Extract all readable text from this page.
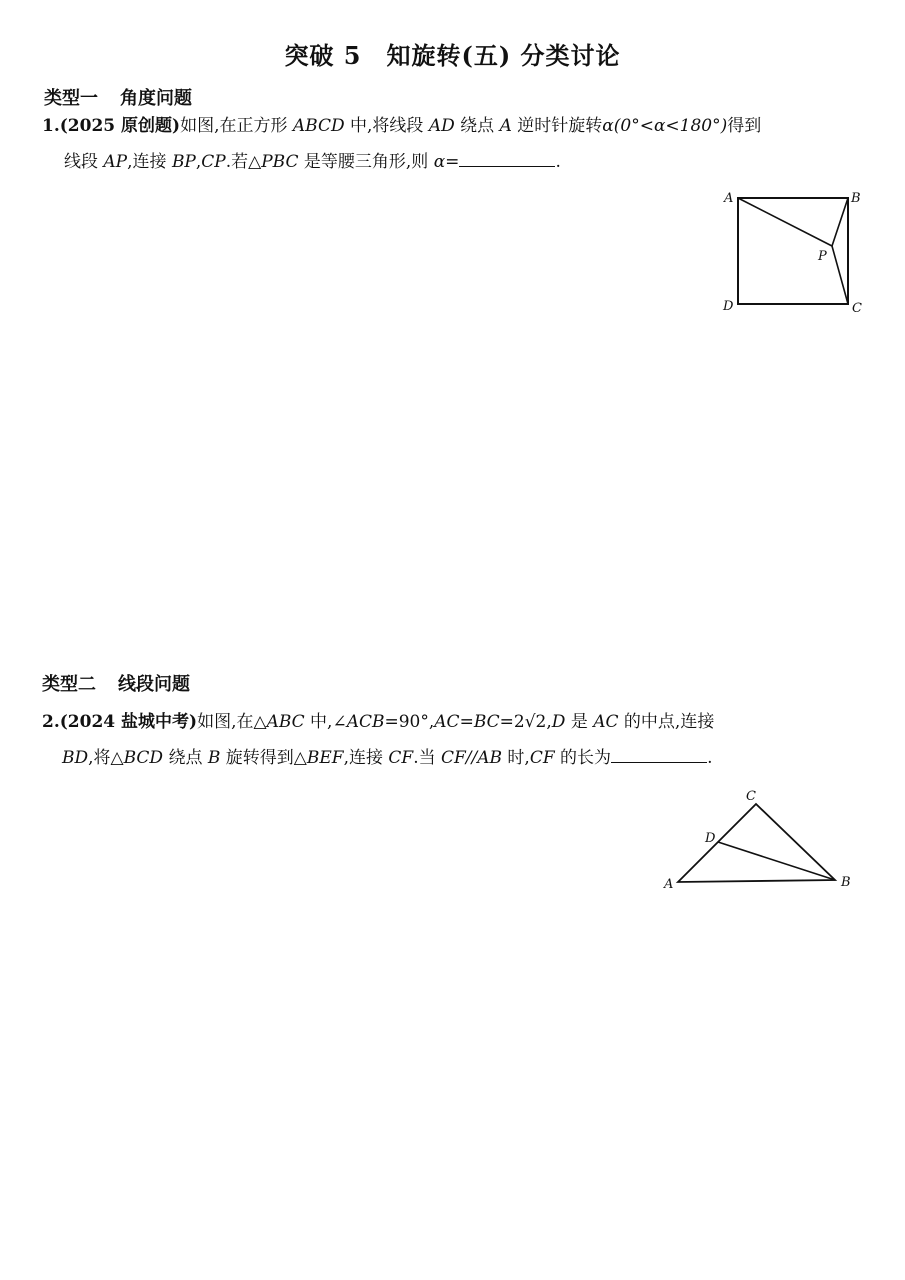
突破 5　知旋转(五) 分类讨论
类型一 角度问题
1.(2025 原创题)如图,在正方形 ABCD 中,将线段 AD 绕点 A 逆时针旋转α(0°<α<180°)得到
线段 AP,连接 BP,CP.若△PBC 是等腰三角形,则 α=	.
A	B
C
D
P
类型二 线段问题
2.(2024 盐城中考)如图,在△ABC 中,∠ACB=90°,AC=BC=2√2,D 是 AC 的中点,连接
BD,将△BCD 绕点 B 旋转得到△BEF,连接 CF.当 CF//AB 时,CF 的长为	.
A	B
C
D
